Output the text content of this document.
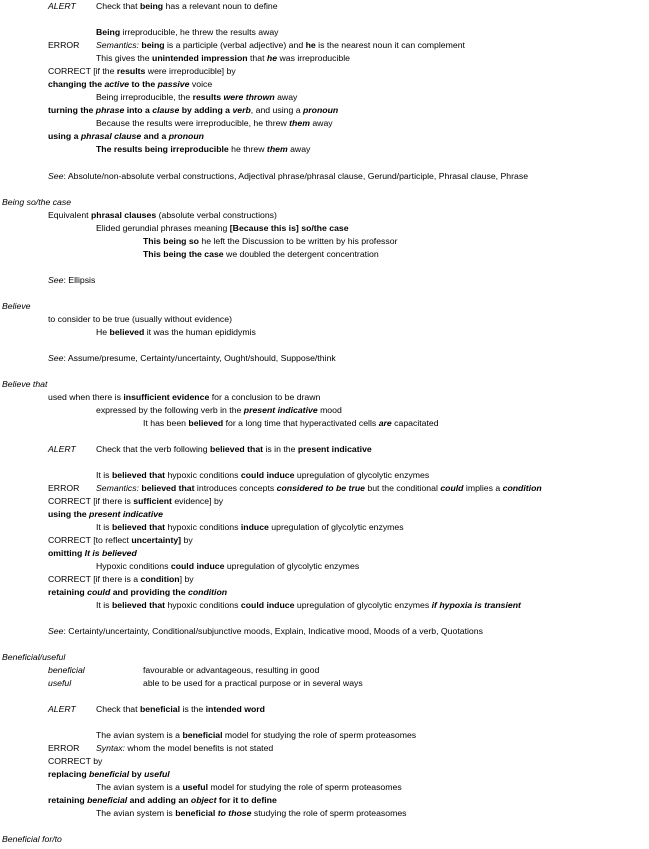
ALERT Check that being has a relevant noun to define
Being irreproducible, he threw the results away
ERROR Semantics: being is a participle (verbal adjective) and he is the nearest noun it can complement
This gives the unintended impression that he was irreproducible
CORRECT [if the results were irreproducible] by
changing the active to the passive voice
Being irreproducible, the results were thrown away
turning the phrase into a clause by adding a verb, and using a pronoun
Because the results were irreproducible, he threw them away
using a phrasal clause and a pronoun
The results being irreproducible he threw them away
See: Absolute/non-absolute verbal constructions, Adjectival phrase/phrasal clause, Gerund/participle, Phrasal clause, Phrase
Being so/the case
Equivalent phrasal clauses (absolute verbal constructions)
Elided gerundial phrases meaning [Because this is] so/the case
This being so he left the Discussion to be written by his professor
This being the case we doubled the detergent concentration
See: Ellipsis
Believe
to consider to be true (usually without evidence)
He believed it was the human epididymis
See: Assume/presume, Certainty/uncertainty, Ought/should, Suppose/think
Believe that
used when there is insufficient evidence for a conclusion to be drawn
expressed by the following verb in the present indicative mood
It has been believed for a long time that hyperactivated cells are capacitated
ALERT Check that the verb following believed that is in the present indicative
It is believed that hypoxic conditions could induce upregulation of glycolytic enzymes
ERROR Semantics: believed that introduces concepts considered to be true but the conditional could implies a condition
CORRECT [if there is sufficient evidence] by
using the present indicative
It is believed that hypoxic conditions induce upregulation of glycolytic enzymes
CORRECT [to reflect uncertainty] by
omitting It is believed
Hypoxic conditions could induce upregulation of glycolytic enzymes
CORRECT [if there is a condition] by
retaining could and providing the condition
It is believed that hypoxic conditions could induce upregulation of glycolytic enzymes if hypoxia is transient
See: Certainty/uncertainty, Conditional/subjunctive moods, Explain, Indicative mood, Moods of a verb, Quotations
Beneficial/useful
beneficial	favourable or advantageous, resulting in good
useful	able to be used for a practical purpose or in several ways
ALERT Check that beneficial is the intended word
The avian system is a beneficial model for studying the role of sperm proteasomes
ERROR Syntax: whom the model benefits is not stated
CORRECT by
replacing beneficial by useful
The avian system is a useful model for studying the role of sperm proteasomes
retaining beneficial and adding an object for it to define
The avian system is beneficial to those studying the role of sperm proteasomes
Beneficial for/to
